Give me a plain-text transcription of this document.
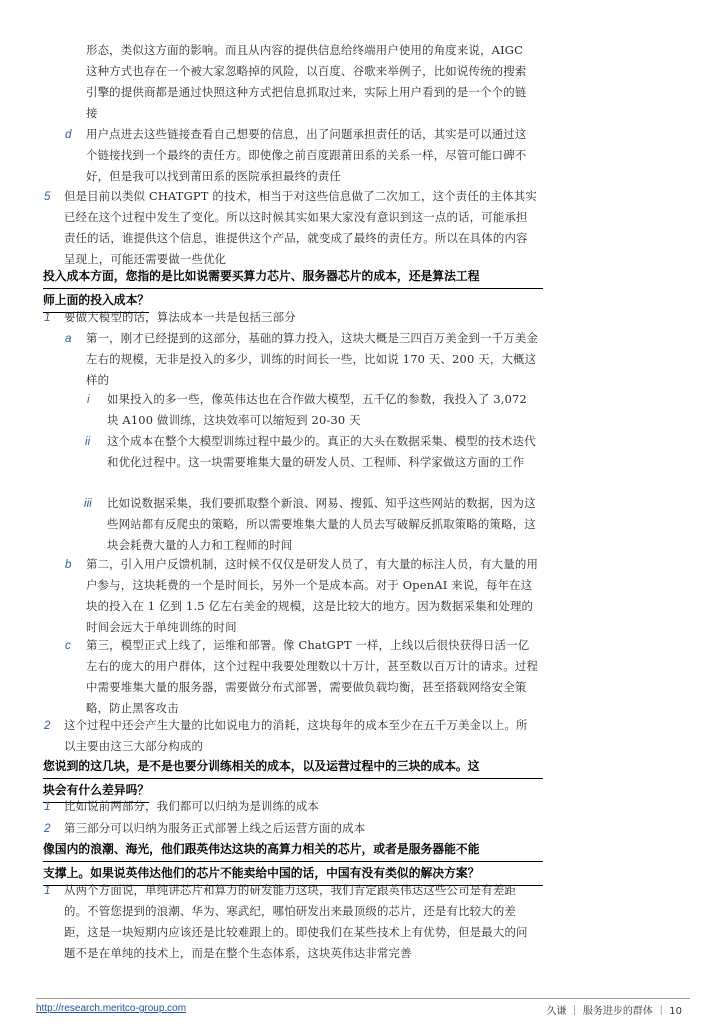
形态，类似这方面的影响。而且从内容的提供信息给终端用户使用的角度来说，AIGC 这种方式也存在一个被大家忽略掉的风险，以百度、谷歌来举例子，比如说传统的搜索引擎的提供商都是通过快照这种方式把信息抓取过来，实际上用户看到的是一个个的链接
d 用户点进去这些链接查看自己想要的信息，出了问题承担责任的话，其实是可以通过这个链接找到一个最终的责任方。即使像之前百度跟莆田系的关系一样，尽管可能口碑不好，但是我可以找到莆田系的医院承担最终的责任
5 但是目前以类似 CHATGPT 的技术，相当于对这些信息做了二次加工，这个责任的主体其实已经在这个过程中发生了变化。所以这时候其实如果大家没有意识到这一点的话，可能承担责任的话，谁提供这个信息，谁提供这个产品，就变成了最终的责任方。所以在具体的内容呈现上，可能还需要做一些优化
投入成本方面，您指的是比如说需要买算力芯片、服务器芯片的成本，还是算法工程
师上面的投入成本？
1 要做大模型的话，算法成本一共是包括三部分
a 第一，刚才已经提到的这部分，基础的算力投入，这块大概是三四百万美金到一千万美金左右的规模，无非是投入的多少，训练的时间长一些，比如说 170 天、200 天，大概这样的
i 如果投入的多一些，像英伟达也在合作做大模型，五千亿的参数，我投入了 3,072 块 A100 做训练，这块效率可以缩短到 20-30 天
ii 这个成本在整个大模型训练过程中最少的。真正的大头在数据采集、模型的技术迭代和优化过程中。这一块需要堆集大量的研发人员、工程师、科学家做这方面的工作
iii 比如说数据采集，我们要抓取整个新浪、网易、搜狐、知乎这些网站的数据，因为这些网站都有反爬虫的策略，所以需要堆集大量的人员去写破解反抓取策略的策略，这块会耗费大量的人力和工程师的时间
b 第二，引入用户反馈机制，这时候不仅仅是研发人员了，有大量的标注人员，有大量的用户参与，这块耗费的一个是时间长，另外一个是成本高。对于 OpenAI 来说，每年在这块的投入在 1 亿到 1.5 亿左右美金的规模，这是比较大的地方。因为数据采集和处理的时间会远大于单纯训练的时间
c 第三，模型正式上线了，运维和部署。像 ChatGPT 一样，上线以后很快获得日活一亿左右的庞大的用户群体，这个过程中我要处理数以十万计，甚至数以百万计的请求。过程中需要堆集大量的服务器，需要做分布式部署，需要做负载均衡，甚至搭载网络安全策略，防止黑客攻击
2 这个过程中还会产生大量的比如说电力的消耗，这块每年的成本至少在五千万美金以上。所以主要由这三大部分构成的
您说到的这几块，是不是也要分训练相关的成本，以及运营过程中的三块的成本。这
块会有什么差异吗？
1 比如说前两部分，我们都可以归纳为是训练的成本
2 第三部分可以归纳为服务正式部署上线之后运营方面的成本
像国内的浪潮、海光，他们跟英伟达这块的高算力相关的芯片，或者是服务器能不能
支撑上。如果说英伟达他们的芯片不能卖给中国的话，中国有没有类似的解决方案？
1 从两个方面说，单纯讲芯片和算力的研发能力这块，我们肯定跟英伟达这些公司是有差距的。不管您提到的浪潮、华为、寒武纪，哪怕研发出来最顶级的芯片，还是有比较大的差距，这是一块短期内应该还是比较难跟上的。即使我们在某些技术上有优势，但是最大的问题不是在单纯的技术上，而是在整个生态体系，这块英伟达非常完善
http://research.meritco-group.com	久谦 ｜ 服务进步的群体 ｜ 10
